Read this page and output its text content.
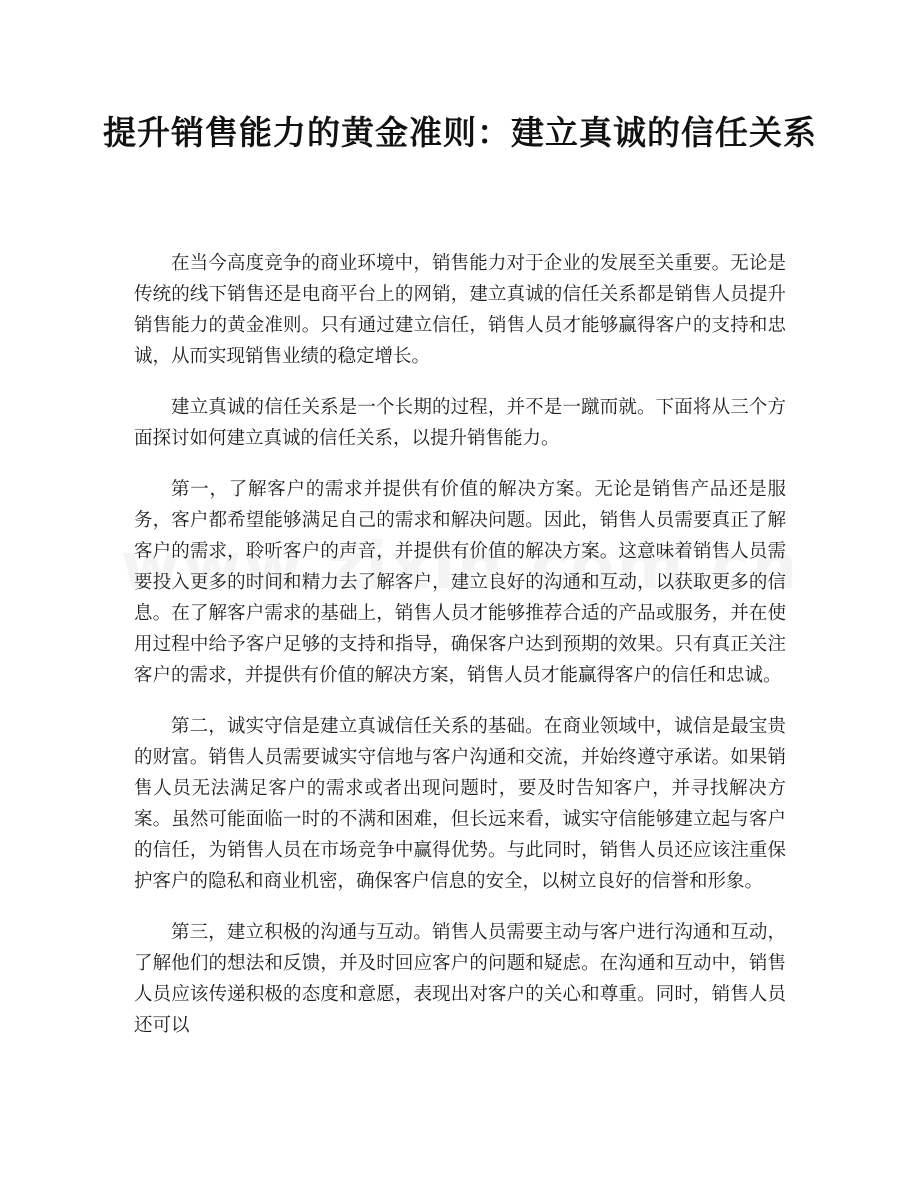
提升销售能力的黄金准则：建立真诚的信任关系

在当今高度竞争的商业环境中，销售能力对于企业的发展至关重要。无论是传统的线下销售还是电商平台上的网销，建立真诚的信任关系都是销售人员提升销售能力的黄金准则。只有通过建立信任，销售人员才能够赢得客户的支持和忠诚，从而实现销售业绩的稳定增长。

建立真诚的信任关系是一个长期的过程，并不是一蹴而就。下面将从三个方面探讨如何建立真诚的信任关系，以提升销售能力。

第一，了解客户的需求并提供有价值的解决方案。无论是销售产品还是服务，客户都希望能够满足自己的需求和解决问题。因此，销售人员需要真正了解客户的需求，聆听客户的声音，并提供有价值的解决方案。这意味着销售人员需要投入更多的时间和精力去了解客户，建立良好的沟通和互动，以获取更多的信息。在了解客户需求的基础上，销售人员才能够推荐合适的产品或服务，并在使用过程中给予客户足够的支持和指导，确保客户达到预期的效果。只有真正关注客户的需求，并提供有价值的解决方案，销售人员才能赢得客户的信任和忠诚。

第二，诚实守信是建立真诚信任关系的基础。在商业领域中，诚信是最宝贵的财富。销售人员需要诚实守信地与客户沟通和交流，并始终遵守承诺。如果销售人员无法满足客户的需求或者出现问题时，要及时告知客户，并寻找解决方案。虽然可能面临一时的不满和困难，但长远来看，诚实守信能够建立起与客户的信任，为销售人员在市场竞争中赢得优势。与此同时，销售人员还应该注重保护客户的隐私和商业机密，确保客户信息的安全，以树立良好的信誉和形象。

第三，建立积极的沟通与互动。销售人员需要主动与客户进行沟通和互动，了解他们的想法和反馈，并及时回应客户的问题和疑虑。在沟通和互动中，销售人员应该传递积极的态度和意愿，表现出对客户的关心和尊重。同时，销售人员还可以
